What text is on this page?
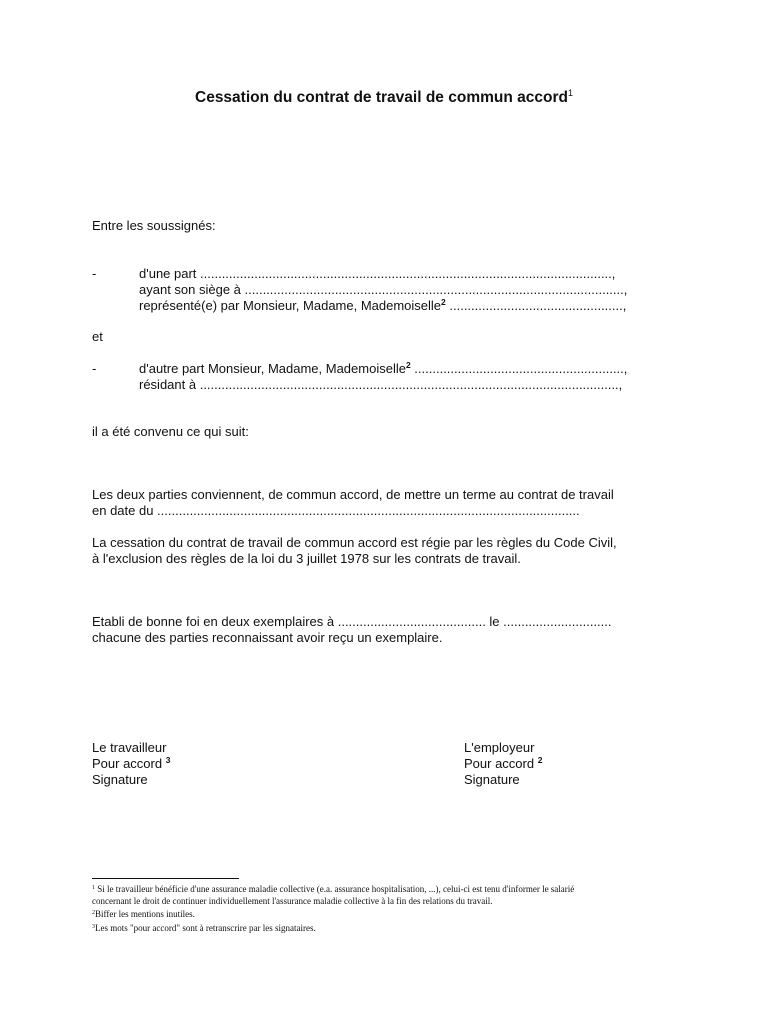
Cessation du contrat de travail de commun accord$^1$
Entre les soussignés:
-	d'une part ..................................................................................................................,
ayant son siège à .........................................................................................................,
représenté(e) par Monsieur, Madame, Mademoiselle$^2$ ................................................,
et
-	d'autre part Monsieur, Madame, Mademoiselle$^2$ ..........................................................,
résidant à ....................................................................................................................,
il a été convenu ce qui suit:
Les deux parties conviennent, de commun accord, de mettre un terme au contrat de travail
en date du .....................................................................................................................
La cessation du contrat de travail de commun accord est régie par les règles du Code Civil,
à l'exclusion des règles de la loi du 3 juillet 1978 sur les contrats de travail.
Etabli de bonne foi en deux exemplaires à ......................................... le ..............................
chacune des parties reconnaissant avoir reçu un exemplaire.
Le travailleur
Pour accord $^3$
Signature
L'employeur
Pour accord $^2$
Signature
$^1$ Si le travailleur bénéficie d'une assurance maladie collective (e.a. assurance hospitalisation, ...), celui-ci est tenu d'informer le salarié
concernant le droit de continuer individuellement l'assurance maladie collective à la fin des relations du travail.
$^2$Biffer les mentions inutiles.
$^3$Les mots "pour accord" sont à retranscrire par les signataires.
